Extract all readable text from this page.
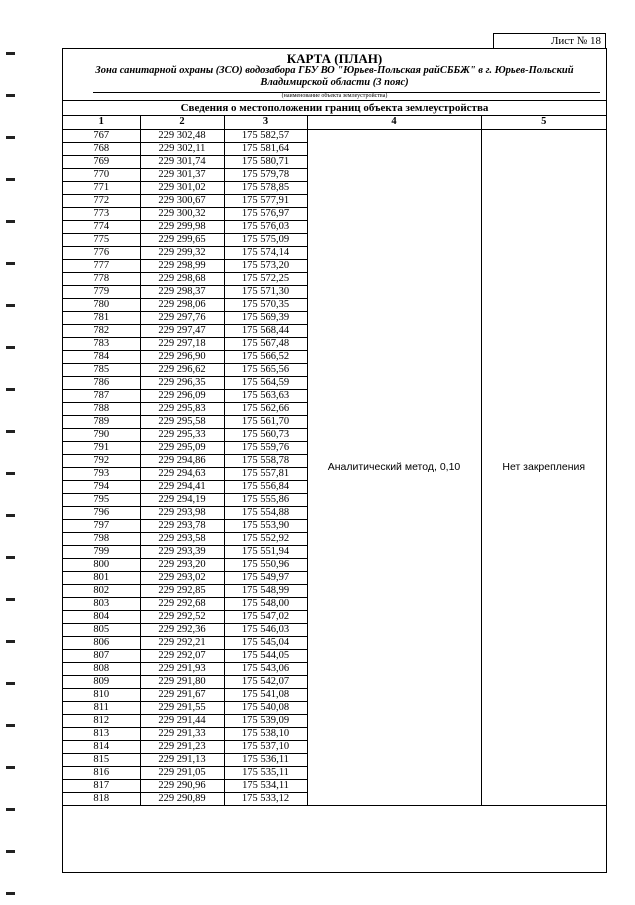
Лист № 18
КАРТА (ПЛАН)
Зона санитарной охраны (ЗСО) водозабора ГБУ ВО "Юрьев-Польская райСББЖ" в г. Юрьев-Польский Владимирской области (3 пояс)
(наименование объекта землеустройства)
Сведения о местоположении границ объекта землеустройства
1	2	3	4	5
767	229 302,48	175 582,57	Аналитический метод, 0,10	Нет закрепления
768	229 302,11	175 581,64		
769	229 301,74	175 580,71		
770	229 301,37	175 579,78		
771	229 301,02	175 578,85		
772	229 300,67	175 577,91		
773	229 300,32	175 576,97		
774	229 299,98	175 576,03		
775	229 299,65	175 575,09		
776	229 299,32	175 574,14		
777	229 298,99	175 573,20		
778	229 298,68	175 572,25		
779	229 298,37	175 571,30		
780	229 298,06	175 570,35		
781	229 297,76	175 569,39		
782	229 297,47	175 568,44		
783	229 297,18	175 567,48		
784	229 296,90	175 566,52		
785	229 296,62	175 565,56		
786	229 296,35	175 564,59		
787	229 296,09	175 563,63		
788	229 295,83	175 562,66		
789	229 295,58	175 561,70		
790	229 295,33	175 560,73		
791	229 295,09	175 559,76		
792	229 294,86	175 558,78		
793	229 294,63	175 557,81		
794	229 294,41	175 556,84		
795	229 294,19	175 555,86		
796	229 293,98	175 554,88		
797	229 293,78	175 553,90		
798	229 293,58	175 552,92		
799	229 293,39	175 551,94		
800	229 293,20	175 550,96		
801	229 293,02	175 549,97		
802	229 292,85	175 548,99		
803	229 292,68	175 548,00		
804	229 292,52	175 547,02		
805	229 292,36	175 546,03		
806	229 292,21	175 545,04		
807	229 292,07	175 544,05		
808	229 291,93	175 543,06		
809	229 291,80	175 542,07		
810	229 291,67	175 541,08		
811	229 291,55	175 540,08		
812	229 291,44	175 539,09		
813	229 291,33	175 538,10		
814	229 291,23	175 537,10		
815	229 291,13	175 536,11		
816	229 291,05	175 535,11		
817	229 290,96	175 534,11		
818	229 290,89	175 533,12		
